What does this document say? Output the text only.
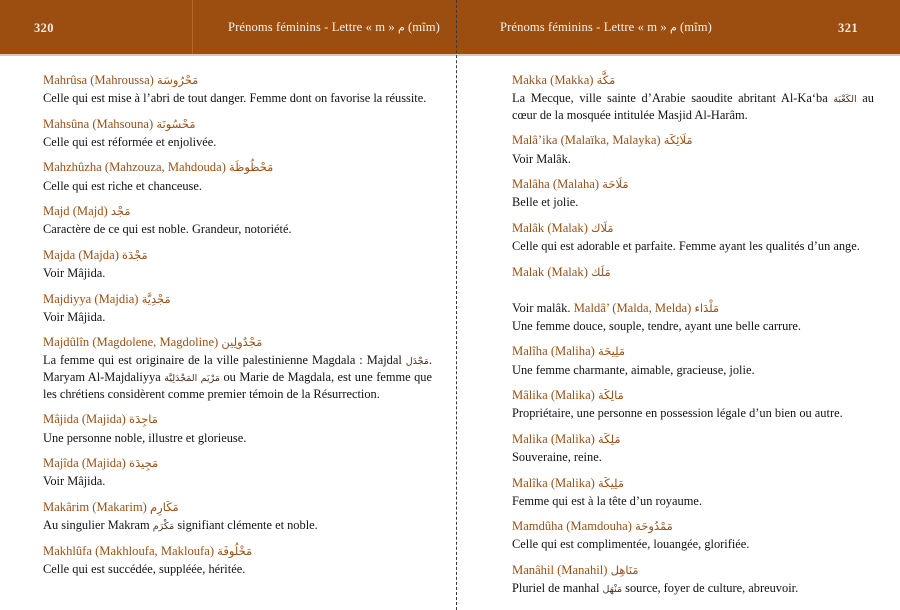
320	Prénoms féminins - Lettre « m » م (mîm)	Prénoms féminins - Lettre « m » م (mîm)	321

Mahrûsa (Mahroussa) مَحْرُوسَة

Celle qui est mise à l’abri de tout danger. Femme dont on favorise la réussite.

Mahsûna (Mahsouna) مَحْسُونَة

Celle qui est réformée et enjolivée.

Mahzhûzha (Mahzouza, Mahdouda) مَحْظُوظَة

Celle qui est riche et chanceuse.

Majd (Majd) مَجْد

Caractère de ce qui est noble. Grandeur, notoriété.

Majda (Majda) مَجْدَة

Voir Mâjida.

Majdiyya (Majdia) مَجْدِيَّة

Voir Mâjida.

Majdûlîn (Magdolene, Magdoline) مَجْدُولِين

La femme qui est originaire de la ville palestinienne Magdala : Majdal مَجْدَل. Maryam Al-Majdaliyya مَرْيَم المَجْدَلِيَّة ou Marie de Magdala, est une femme que les chrétiens considèrent comme premier témoin de la Résurrection.

Mâjida (Majida) مَاجِدَة

Une personne noble, illustre et glorieuse.

Majîda (Majida) مَجِيدَة

Voir Mâjida.

Makârim (Makarim) مَكَارِم

Au singulier Makram مَكْرَم signifiant clémente et noble.

Makhlûfa (Makhloufa, Makloufa) مَخْلُوفَة

Celle qui est succédée, suppléée, héritée.

Makka (Makka) مَكَّة

La Mecque, ville sainte d’Arabie saoudite abritant Al-Ka‘ba الكَعْبَة au cœur de la mosquée intitulée Masjid Al-Harâm.

Malâ’ika (Malaïka, Malayka) مَلَائِكَة

Voir Malâk.

Malâha (Malaha) مَلَاحَة

Belle et jolie.

Malâk (Malak) مَلَاك

Celle qui est adorable et parfaite. Femme ayant les qualités d’un ange.

Malak (Malak) مَلَك

Voir malâk. Maldâ’ (Malda, Melda) مَلْدَاء

Une femme douce, souple, tendre, ayant une belle carrure.

Malîha (Maliha) مَلِيحَة

Une femme charmante, aimable, gracieuse, jolie.

Mâlika (Malika) مَالِكَة

Propriétaire, une personne en possession légale d’un bien ou autre.

Malika (Malika) مَلِكَة

Souveraine, reine.

Malîka (Malika) مَلِيكَة

Femme qui est à la tête d’un royaume.

Mamdûha (Mamdouha) مَمْدُوحَة

Celle qui est complimentée, louangée, glorifiée.

Manâhil (Manahil) مَنَاهِل

Pluriel de manhal مَنْهَل source, foyer de culture, abreuvoir.
